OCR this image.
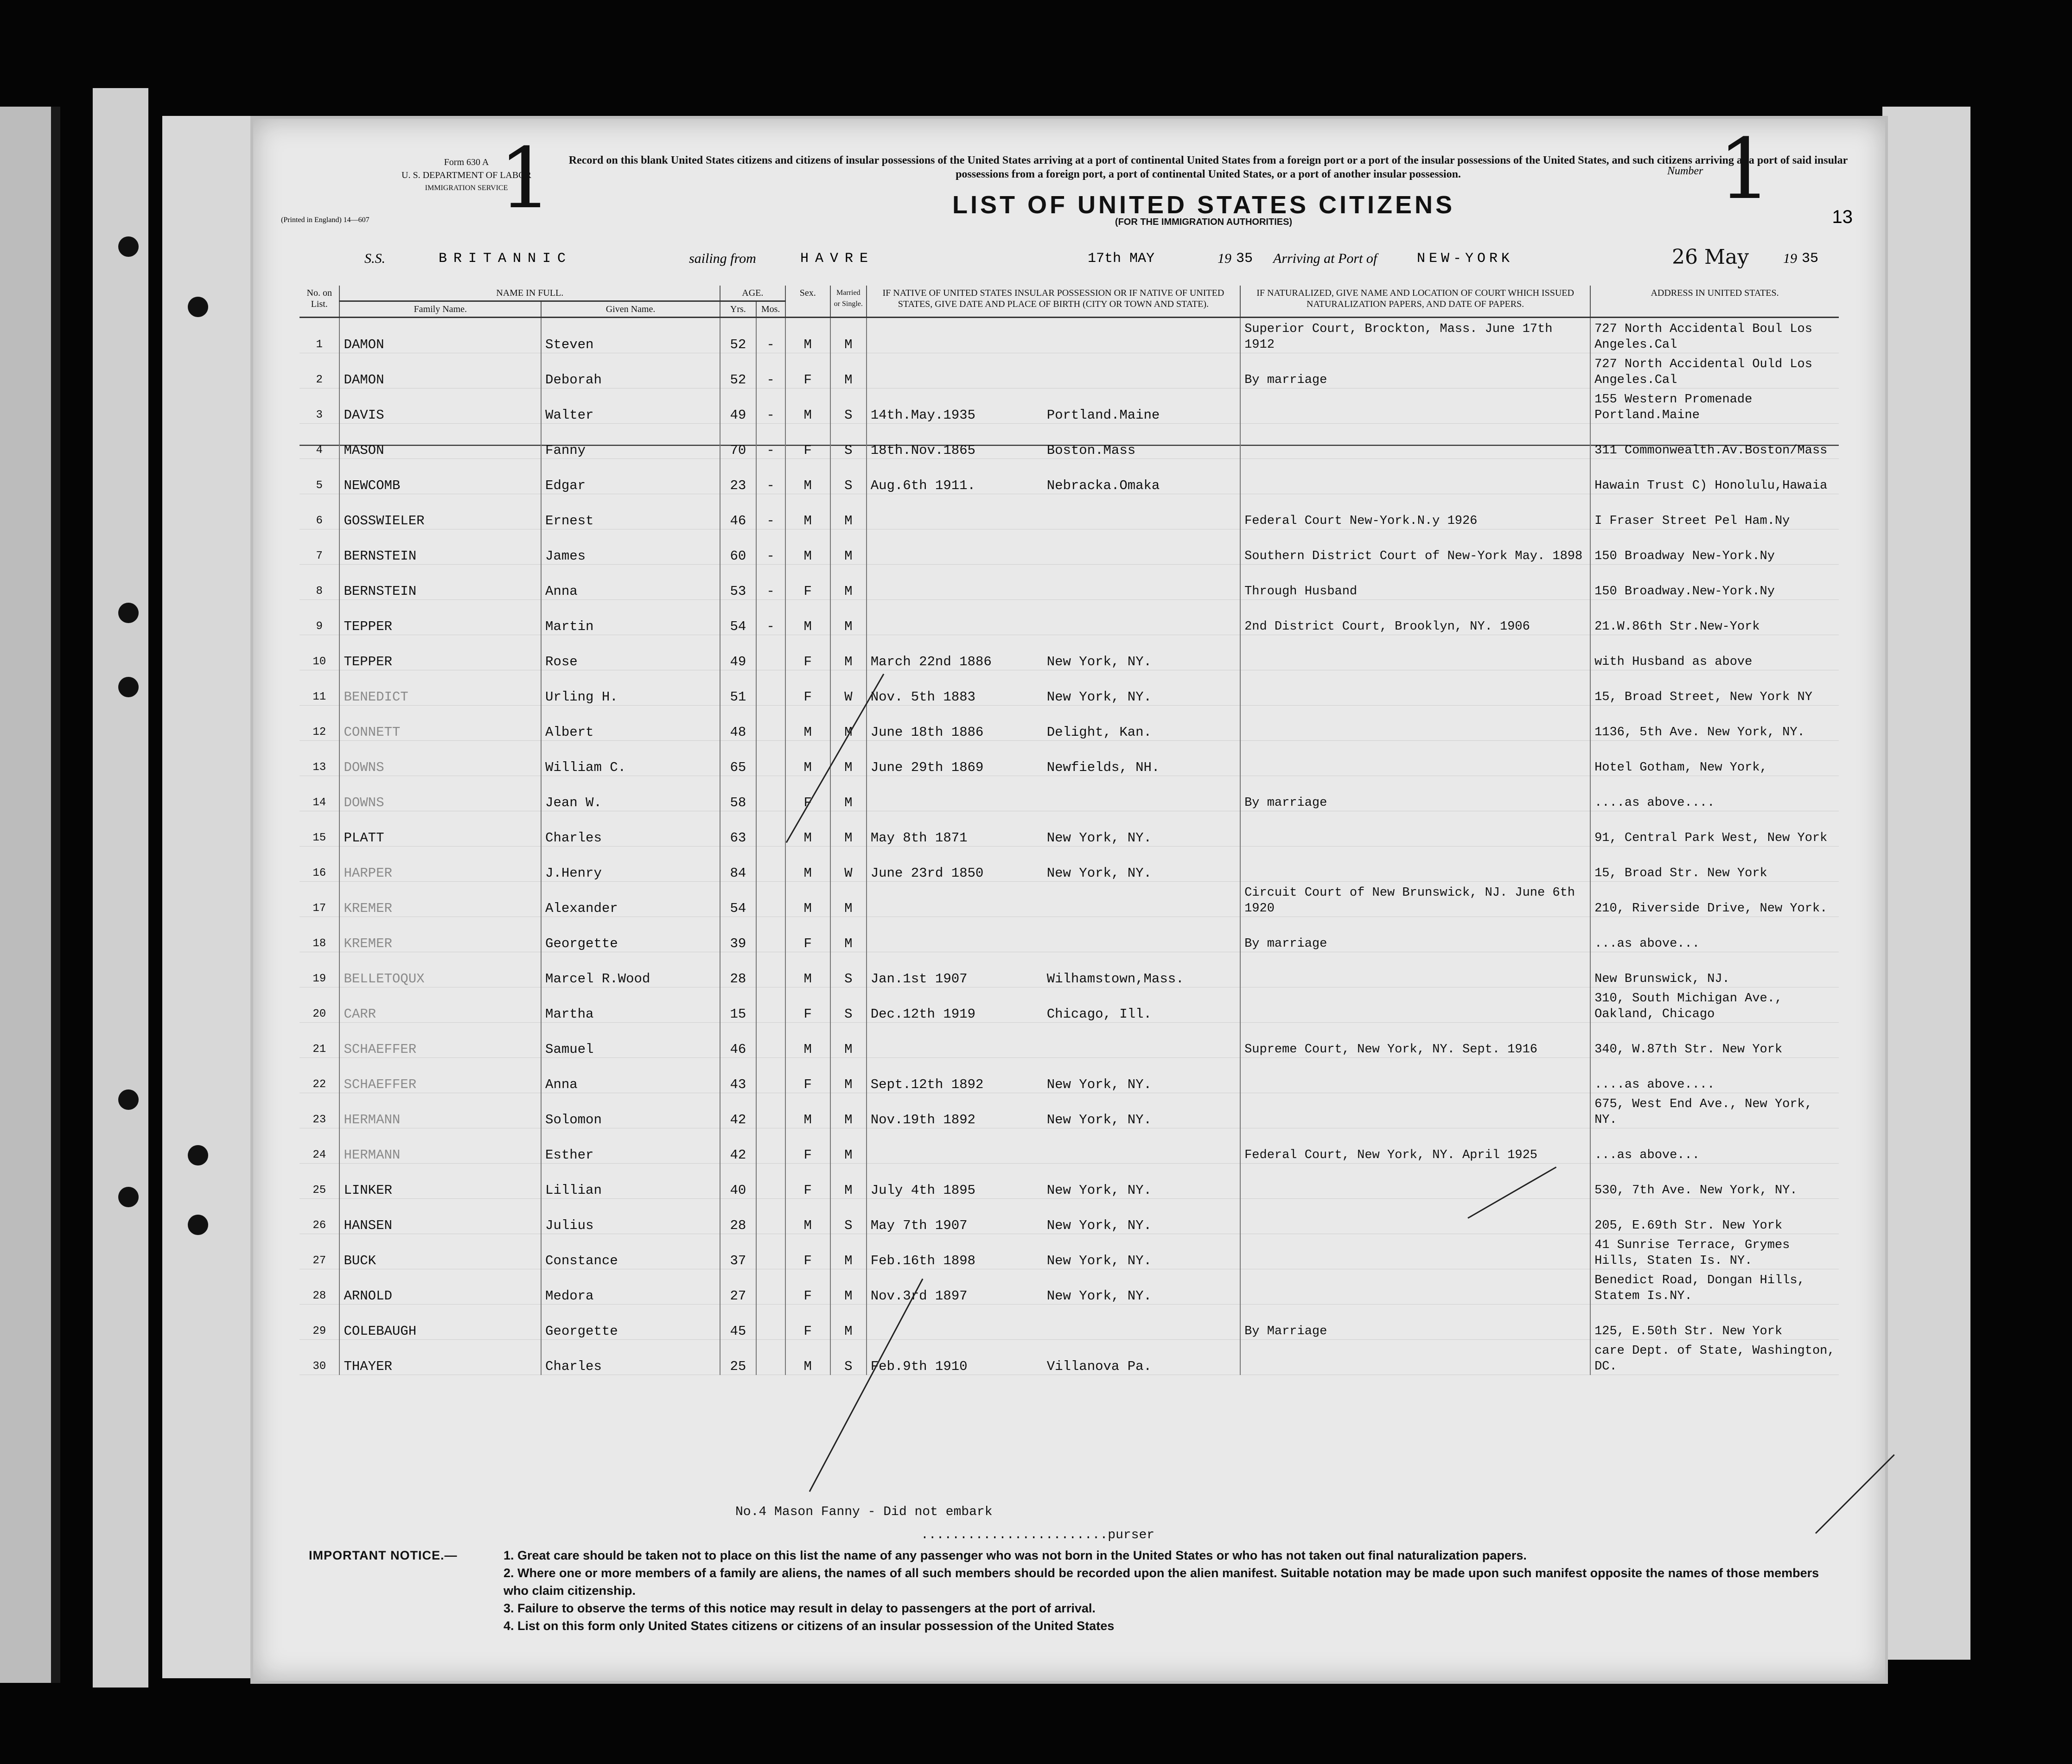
Form 630 A
U. S. DEPARTMENT OF LABOR
IMMIGRATION SERVICE
(Printed in England) 14—607 1 Record on this blank United States citizens and citizens of insular possessions of the United States arriving at a port of continental United States from a foreign port or a port of the insular possessions of the United States, and such citizens arriving at a port of said insular possessions from a foreign port, a port of continental United States, or a port of another insular possession.
LIST OF UNITED STATES CITIZENS
(FOR THE IMMIGRATION AUTHORITIES)
Number 1	13
S.S.	BRITANNIC	sailing from	HAVRE	17th MAY	19 35 Arriving at Port of	NEW-YORK	26 May 19 35
No. on List.	NAME IN FULL.		AGE.		Sex.	Married or Single.	IF NATIVE OF UNITED STATES INSULAR POSSESSION OR IF NATIVE OF UNITED STATES, GIVE DATE AND PLACE OF BIRTH (CITY OR TOWN AND STATE).	IF NATURALIZED, GIVE NAME AND LOCATION OF COURT WHICH ISSUED NATURALIZATION PAPERS, AND DATE OF PAPERS.	ADDRESS IN UNITED STATES.
	Family Name.	Given Name.	Yrs.	Mos.					
1	DAMON	Steven	52	-	M	M		Superior Court, Brockton, Mass. June 17th 1912	727 North Accidental Boul Los Angeles.Cal
2	DAMON	Deborah	52	-	F	M		By marriage	727 North Accidental Ould Los Angeles.Cal
3	DAVIS	Walter	49	-	M	S	14th.May.1935 Portland.Maine		155 Western Promenade Portland.Maine
4	MASON	Fanny	70	-	F	S	18th.Nov.1865 Boston.Mass		311 Commonwealth.Av.Boston/Mass
5	NEWCOMB	Edgar	23	-	M	S	Aug.6th 1911. Nebracka.Omaka		Hawain Trust C) Honolulu,Hawaia
6	GOSSWIELER	Ernest	46	-	M	M		Federal Court New-York.N.y 1926	I Fraser Street Pel Ham.Ny
7	BERNSTEIN	James	60	-	M	M		Southern District Court of New-York May. 1898	150 Broadway New-York.Ny
8	BERNSTEIN	Anna	53	-	F	M		Through Husband	150 Broadway.New-York.Ny
9	TEPPER	Martin	54	-	M	M		2nd District Court, Brooklyn, NY. 1906	21.W.86th Str.New-York
10	TEPPER	Rose	49		F	M	March 22nd 1886 New York, NY.		with Husband as above
11	BENEDICT	Urling H.	51		F	W	Nov. 5th 1883 New York, NY.		15, Broad Street, New York NY
12	CONNETT	Albert	48		M	M	June 18th 1886 Delight, Kan.		1136, 5th Ave. New York, NY.
13	DOWNS	William C.	65		M	M	June 29th 1869 Newfields, NH.		Hotel Gotham, New York,
14	DOWNS	Jean W.	58		F	M		By marriage	....as above....
15	PLATT	Charles	63		M	M	May 8th 1871 New York, NY.		91, Central Park West, New York
16	HARPER	J.Henry	84		M	W	June 23rd 1850 New York, NY.		15, Broad Str. New York
17	KREMER	Alexander	54		M	M		Circuit Court of New Brunswick, NJ. June 6th 1920	210, Riverside Drive, New York.
18	KREMER	Georgette	39		F	M		By marriage	...as above...
19	BELLETOQUX	Marcel R.Wood	28		M	S	Jan.1st 1907 Wilhamstown,Mass.		New Brunswick, NJ.
20	CARR	Martha	15		F	S	Dec.12th 1919 Chicago, Ill.		310, South Michigan Ave., Oakland, Chicago
21	SCHAEFFER	Samuel	46		M	M		Supreme Court, New York, NY. Sept. 1916	340, W.87th Str. New York
22	SCHAEFFER	Anna	43		F	M	Sept.12th 1892 New York, NY.		....as above....
23	HERMANN	Solomon	42		M	M	Nov.19th 1892 New York, NY.		675, West End Ave., New York, NY.
24	HERMANN	Esther	42		F	M		Federal Court, New York, NY. April 1925	...as above...
25	LINKER	Lillian	40		F	M	July 4th 1895 New York, NY.		530, 7th Ave. New York, NY.
26	HANSEN	Julius	28		M	S	May 7th 1907 New York, NY.		205, E.69th Str. New York
27	BUCK	Constance	37		F	M	Feb.16th 1898 New York, NY.		41 Sunrise Terrace, Grymes Hills, Staten Is. NY.
28	ARNOLD	Medora	27		F	M	Nov.3rd 1897 New York, NY.		Benedict Road, Dongan Hills, Statem Is.NY.
29	COLEBAUGH	Georgette	45		F	M		By Marriage	125, E.50th Str. New York
30	THAYER	Charles	25		M	S	Feb.9th 1910 Villanova Pa.		care Dept. of State, Washington, DC.
No.4 Mason Fanny - Did not embark
........................purser
IMPORTANT NOTICE.—	1. Great care should be taken not to place on this list the name of any passenger who was not born in the United States or who has not taken out final naturalization papers.
2. Where one or more members of a family are aliens, the names of all such members should be recorded upon the alien manifest. Suitable notation may be made upon such manifest opposite the names of those members who claim citizenship.
3. Failure to observe the terms of this notice may result in delay to passengers at the port of arrival.
4. List on this form only United States citizens or citizens of an insular possession of the United States
